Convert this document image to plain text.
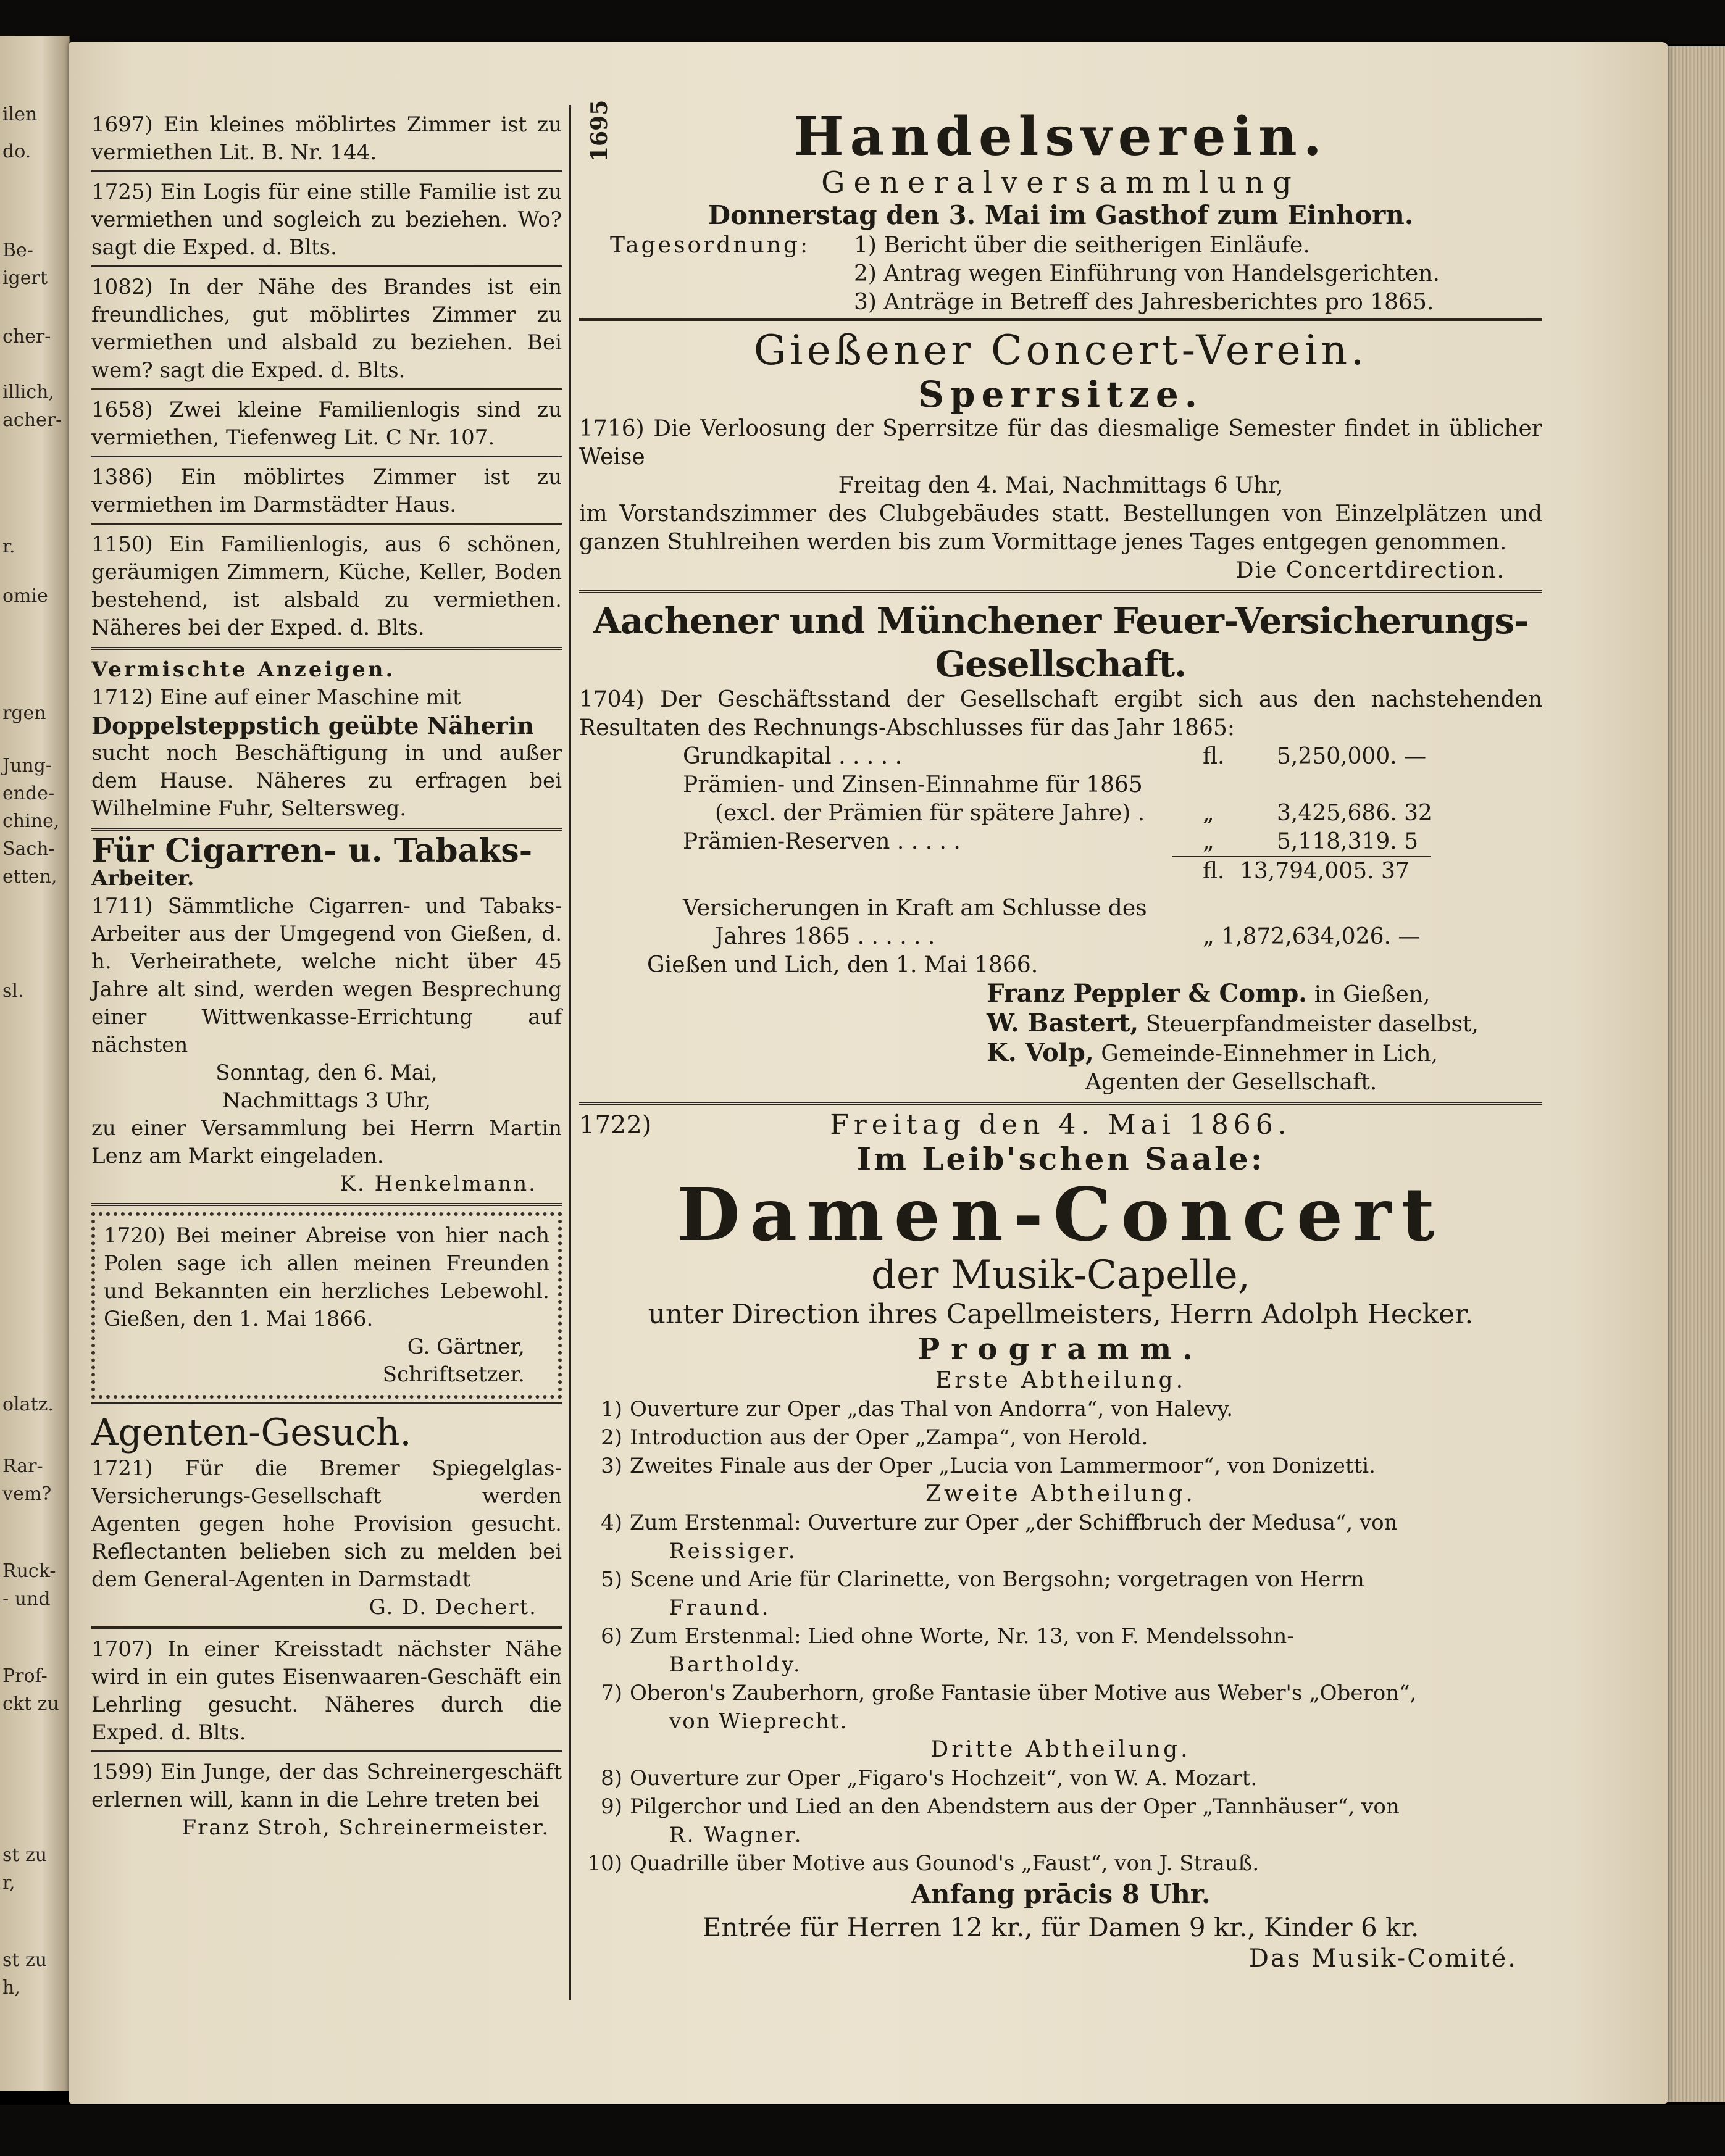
ilen
do.
Be-
igert
cher-
illich,
acher-
r.
omie
rgen
Jung-
ende-
chine,
Sach-
etten,
sl.
olatz.
Rar-
vem?
Ruck-
- und
Prof-
ckt zu
st zu
r,
st zu
h,
1695

1697) Ein kleines möblirtes Zimmer ist zu vermiethen Lit. B. Nr. 144.

1725) Ein Logis für eine stille Familie ist zu vermiethen und sogleich zu beziehen. Wo? sagt die Exped. d. Blts.

1082) In der Nähe des Brandes ist ein freundliches, gut möblirtes Zimmer zu vermiethen und alsbald zu beziehen. Bei wem? sagt die Exped. d. Blts.

1658) Zwei kleine Familienlogis sind zu vermiethen, Tiefenweg Lit. C Nr. 107.

1386) Ein möblirtes Zimmer ist zu vermiethen im Darmstädter Haus.

1150) Ein Familienlogis, aus 6 schönen, geräumigen Zimmern, Küche, Keller, Boden bestehend, ist alsbald zu vermiethen. Näheres bei der Exped. d. Blts.

Vermischte Anzeigen.

1712) Eine auf einer Maschine mit

Doppelsteppstich geübte Näherin

sucht noch Beschäftigung in und außer dem Hause. Näheres zu erfragen bei Wilhelmine Fuhr, Seltersweg.

Für Cigarren- u. Tabaks-

Arbeiter.

1711) Sämmtliche Cigarren- und Tabaks-Arbeiter aus der Umgegend von Gießen, d. h. Verheirathete, welche nicht über 45 Jahre alt sind, werden wegen Besprechung einer Wittwenkasse-Errichtung auf nächsten

Sonntag, den 6. Mai,

Nachmittags 3 Uhr,

zu einer Versammlung bei Herrn Martin Lenz am Markt eingeladen.

K. Henkelmann.

1720) Bei meiner Abreise von hier nach Polen sage ich allen meinen Freunden und Bekannten ein herzliches Lebewohl. Gießen, den 1. Mai 1866.

G. Gärtner,

Schriftsetzer.

Agenten-Gesuch.

1721) Für die Bremer Spiegelglas-Versicherungs-Gesellschaft werden Agenten gegen hohe Provision gesucht. Reflectanten belieben sich zu melden bei dem General-Agenten in Darmstadt

G. D. Dechert.

1707) In einer Kreisstadt nächster Nähe wird in ein gutes Eisenwaaren-Geschäft ein Lehrling gesucht. Näheres durch die Exped. d. Blts.

1599) Ein Junge, der das Schreinergeschäft erlernen will, kann in die Lehre treten bei

Franz Stroh, Schreinermeister.

Handelsverein.

Generalversammlung

Donnerstag den 3. Mai im Gasthof zum Einhorn.

Tagesordnung: 1) Bericht über die seitherigen Einläufe.
2) Antrag wegen Einführung von Handelsgerichten.
3) Anträge in Betreff des Jahresberichtes pro 1865.

Gießener Concert-Verein.

Sperrsitze.

1716) Die Verloosung der Sperrsitze für das diesmalige Semester findet in üblicher Weise

Freitag den 4. Mai, Nachmittags 6 Uhr,

im Vorstandszimmer des Clubgebäudes statt. Bestellungen von Einzelplätzen und ganzen Stuhlreihen werden bis zum Vormittage jenes Tages entgegen genommen.

Die Concertdirection.

Aachener und Münchener Feuer-Versicherungs-Gesellschaft.

1704) Der Geschäftsstand der Gesellschaft ergibt sich aus den nachstehenden Resultaten des Rechnungs-Abschlusses für das Jahr 1865:

Grundkapital . . . . .	fl. 5,250,000. —
Prämien- und Zinsen-Einnahme für 1865
(excl. der Prämien für spätere Jahre) .	„	3,425,686. 32
Prämien-Reserven . . . . .	„	5,118,319. 5
fl. 13,794,005. 37
Versicherungen in Kraft am Schlusse des
Jahres 1865 . . . . . .	„ 1,872,634,026. —

Gießen und Lich, den 1. Mai 1866.

Franz Peppler & Comp. in Gießen,

W. Bastert, Steuerpfandmeister daselbst,

K. Volp, Gemeinde-Einnehmer in Lich,

Agenten der Gesellschaft.

1722)	Freitag den 4. Mai 1866.

Im Leib'schen Saale:

Damen-Concert

der Musik-Capelle,

unter Direction ihres Capellmeisters, Herrn Adolph Hecker.

Programm.

Erste Abtheilung.

1) Ouverture zur Oper „das Thal von Andorra“, von Halevy.

2) Introduction aus der Oper „Zampa“, von Herold.

3) Zweites Finale aus der Oper „Lucia von Lammermoor“, von Donizetti.

Zweite Abtheilung.

4) Zum Erstenmal: Ouverture zur Oper „der Schiffbruch der Medusa“, von

Reissiger.

5) Scene und Arie für Clarinette, von Bergsohn; vorgetragen von Herrn

Fraund.

6) Zum Erstenmal: Lied ohne Worte, Nr. 13, von F. Mendelssohn-

Bartholdy.

7) Oberon's Zauberhorn, große Fantasie über Motive aus Weber's „Oberon“,

von Wieprecht.

Dritte Abtheilung.

8) Ouverture zur Oper „Figaro's Hochzeit“, von W. A. Mozart.

9) Pilgerchor und Lied an den Abendstern aus der Oper „Tannhäuser“, von

R. Wagner.

10) Quadrille über Motive aus Gounod's „Faust“, von J. Strauß.

Anfang prācis 8 Uhr.

Entrée für Herren 12 kr., für Damen 9 kr., Kinder 6 kr.

Das Musik-Comité.
